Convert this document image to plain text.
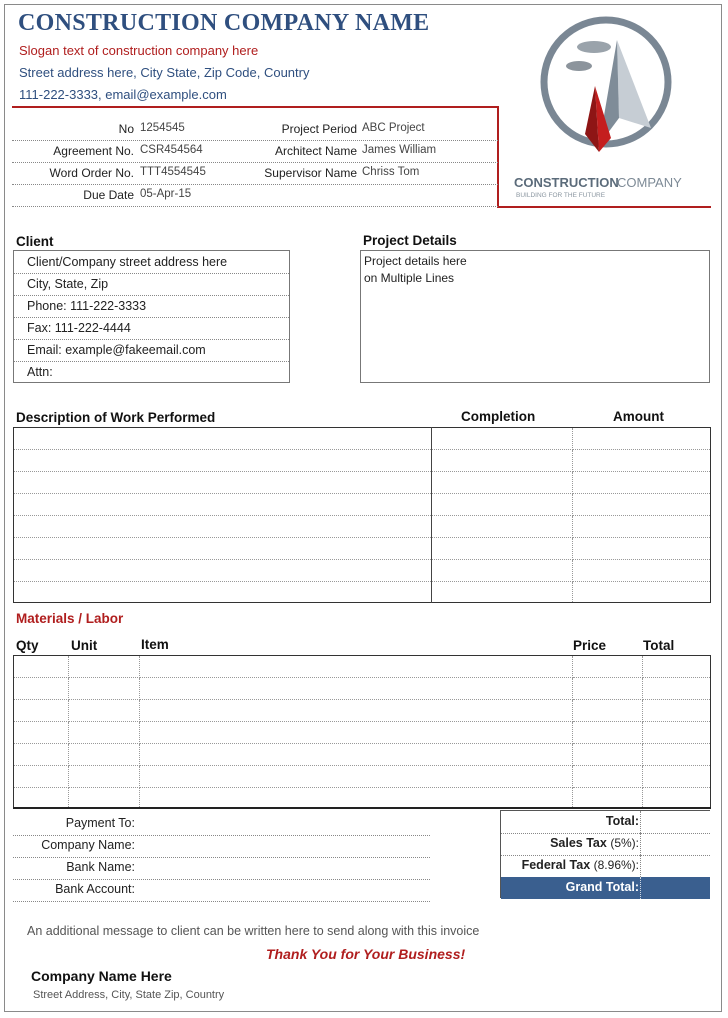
CONSTRUCTION COMPANY NAME
Slogan text of construction company here
Street address here, City State, Zip Code, Country
111-222-3333, email@example.com
CONSTRUCTION
COMPANY
BUILDING FOR THE FUTURE
No 1254545	Project Period ABC Project
Agreement No. CSR454564	Architect Name James William
Word Order No. TTT4554545	Supervisor Name Chriss Tom
Due Date 05-Apr-15
Client
Client/Company street address here
City, State, Zip
Phone: 111-222-3333
Fax: 111-222-4444
Email: example@fakeemail.com
Attn:
Project Details
Project details here
on Multiple Lines
Description of Work Performed	Completion	Amount

Materials / Labor
Qty Unit	Item	Price	Total

Payment To:
Company Name:
Bank Name:
Bank Account:
Total:
Sales Tax (5%):
Federal Tax (8.96%):
Grand Total:
An additional message to client can be written here to send along with this invoice
Thank You for Your Business!
Company Name Here
Street Address, City, State Zip, Country
